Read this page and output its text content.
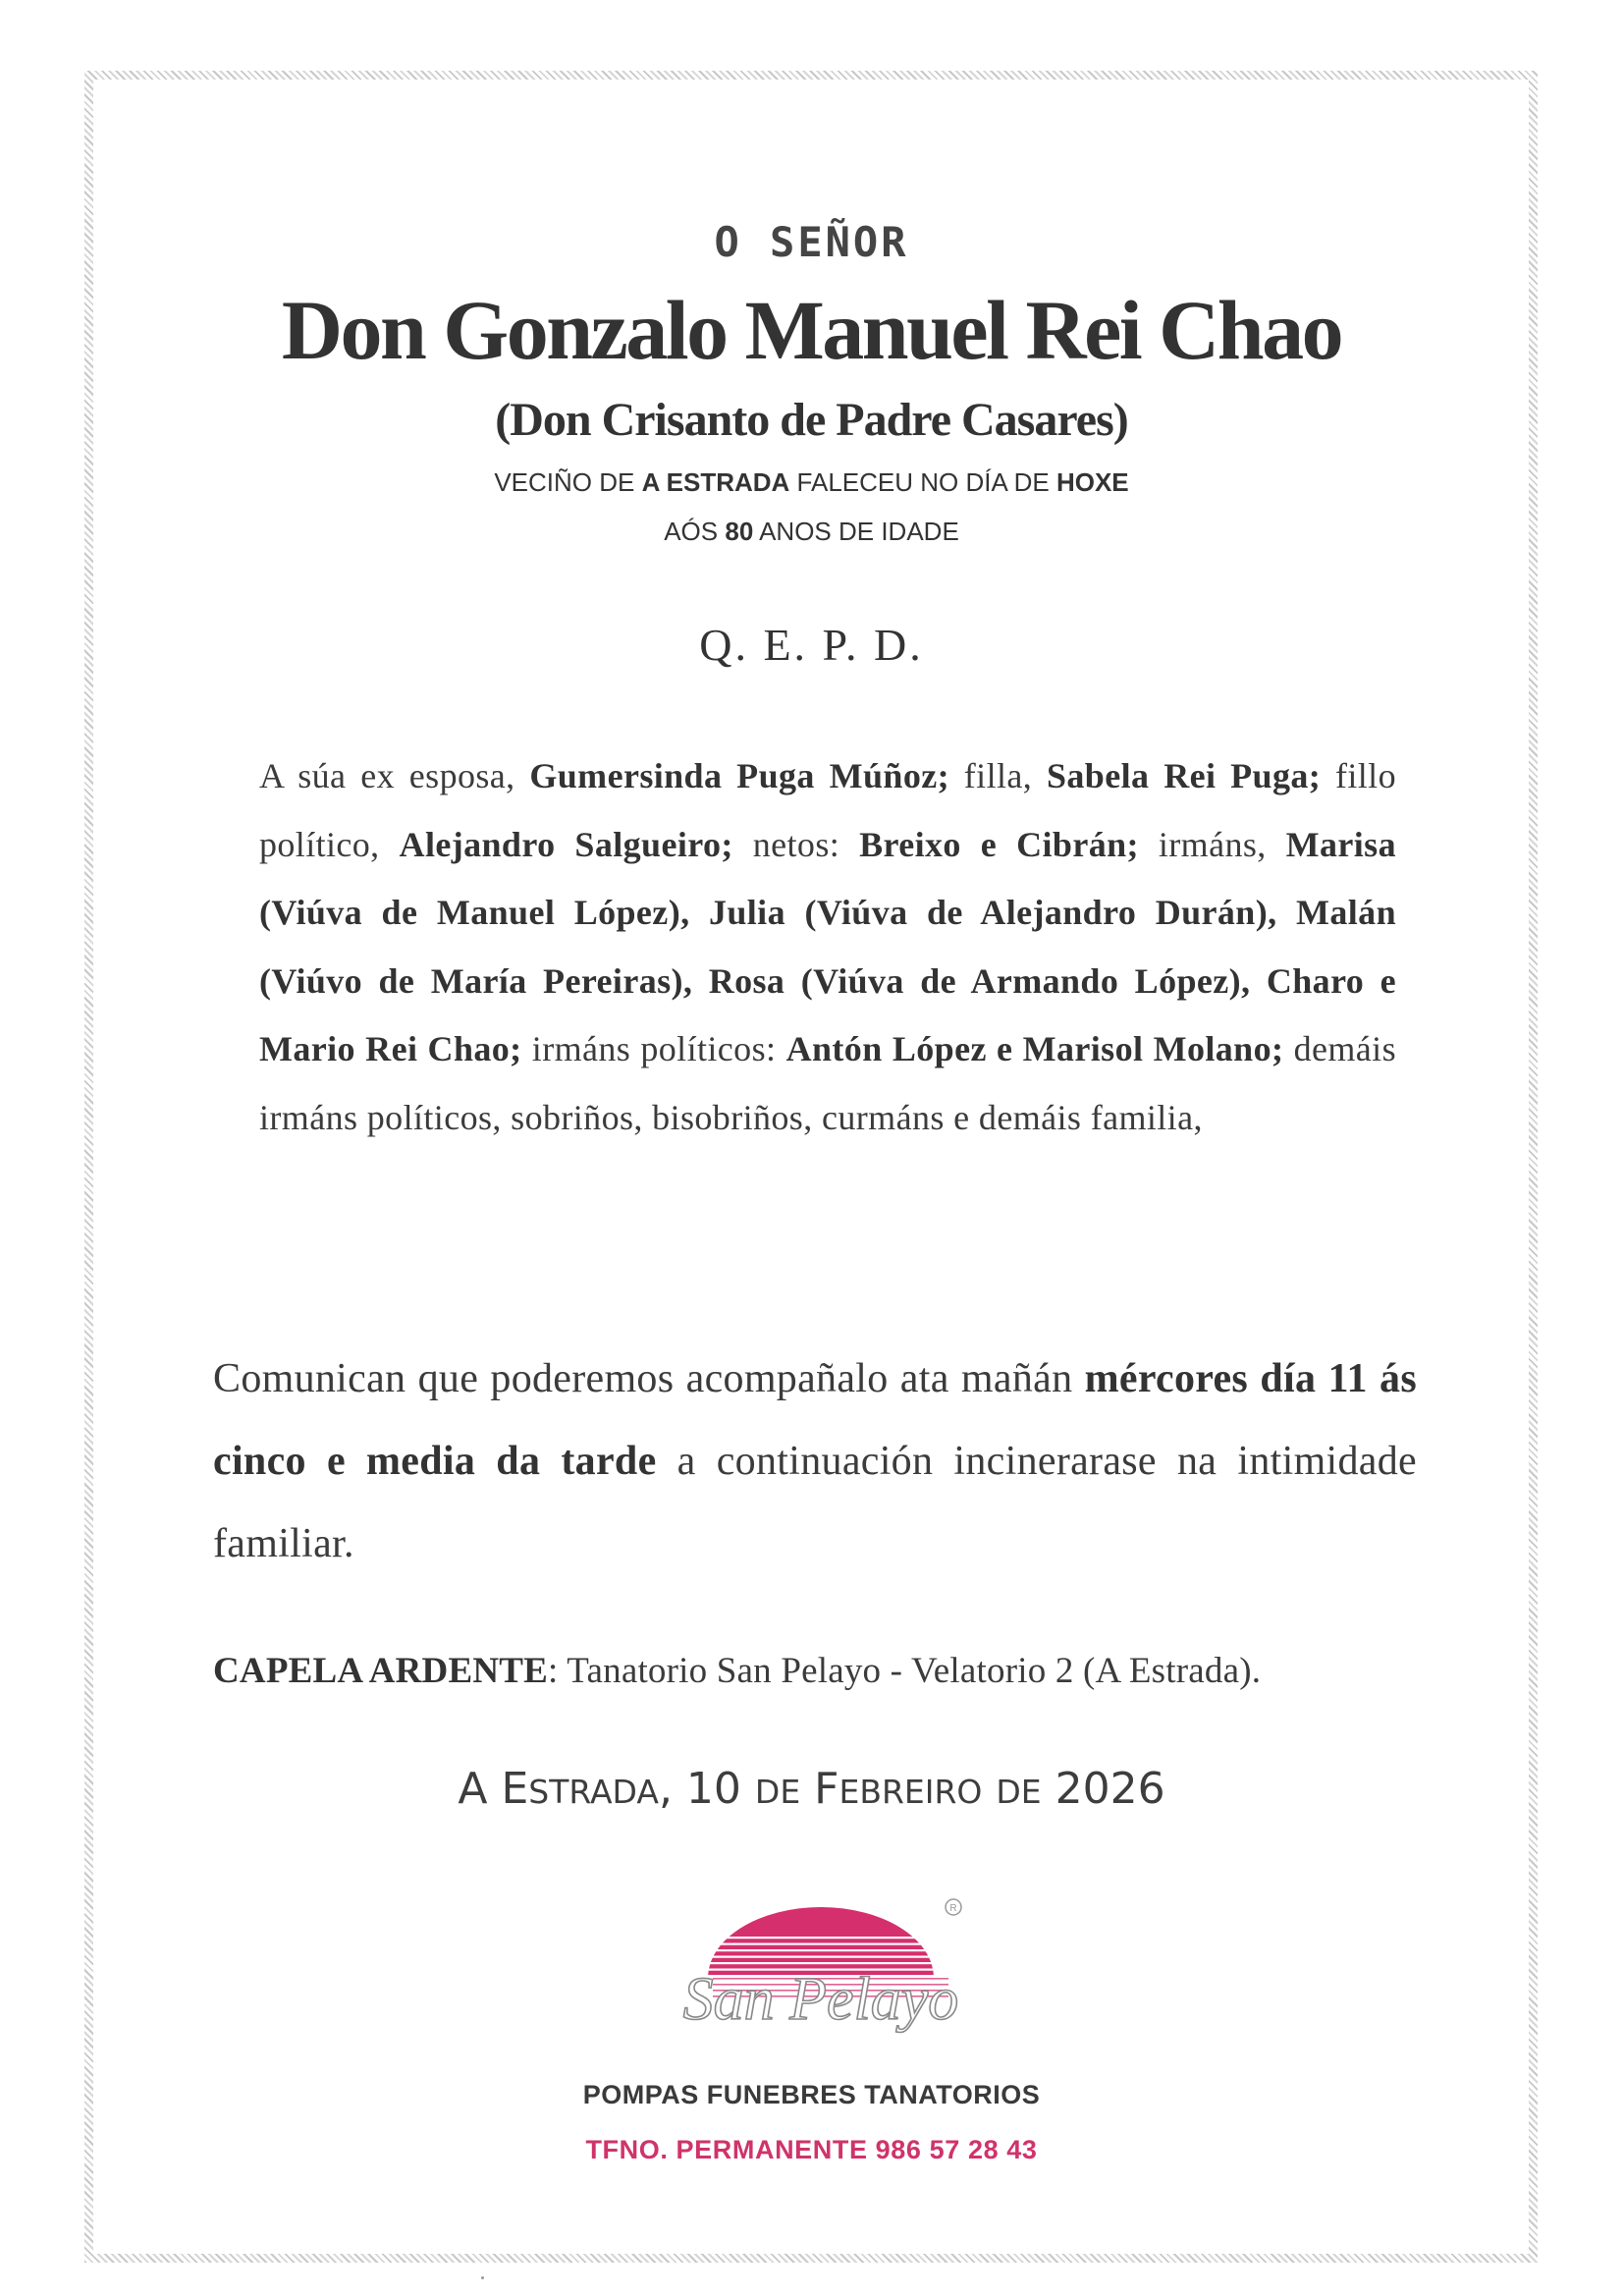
O SEÑOR
Don Gonzalo Manuel Rei Chao
(Don Crisanto de Padre Casares)
VECIÑO DE A ESTRADA FALECEU NO DÍA DE HOXE
AÓS 80 ANOS DE IDADE
Q. E. P. D.
A súa ex esposa, Gumersinda Puga Múñoz; filla, Sabela Rei Puga; fillo político, Alejandro Salgueiro; netos: Breixo e Cibrán; irmáns, Marisa (Viúva de Manuel López), Julia (Viúva de Alejandro Durán), Malán (Viúvo de María Pereiras), Rosa (Viúva de Armando López), Charo e Mario Rei Chao; irmáns políticos: Antón López e Marisol Molano; demáis irmáns políticos, sobriños, bisobriños, curmáns e demáis familia,
Comunican que poderemos acompañalo ata mañán mércores día 11 ás cinco e media da tarde a continuación incinerarase na intimidade familiar.
CAPELA ARDENTE: Tanatorio San Pelayo - Velatorio 2 (A Estrada).
A ESTRADA, 10 DE FEBREIRO DE 2026
R
San Pelayo
POMPAS FUNEBRES TANATORIOS
TFNO. PERMANENTE 986 57 28 43
